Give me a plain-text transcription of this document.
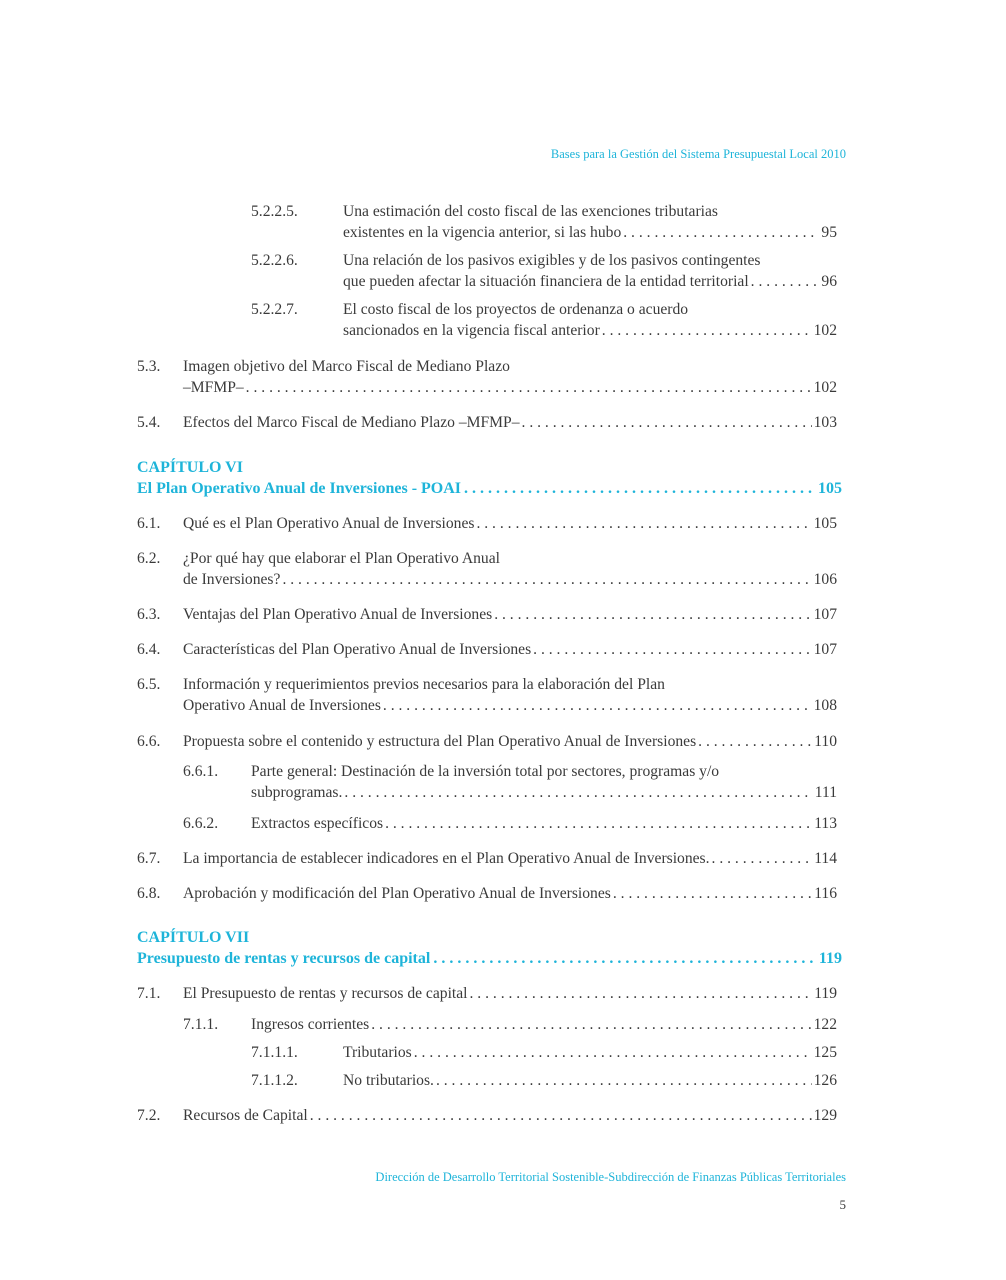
Bases para la Gestión del Sistema Presupuestal Local 2010
5.2.2.5.	Una estimación del costo fiscal de las exenciones tributarias
existentes en la vigencia anterior, si las hubo . . .	95
5.2.2.6.	Una relación de los pasivos exigibles y de los pasivos contingentes
que pueden afectar la situación financiera de la entidad territorial . . .	96
5.2.2.7.	El costo fiscal de los proyectos de ordenanza o acuerdo
sancionados en la vigencia fiscal anterior . . .	102
5.3. Imagen objetivo del Marco Fiscal de Mediano Plazo
–MFMP– . . .	102
5.4. Efectos del Marco Fiscal de Mediano Plazo –MFMP– . . .	103
CAPÍTULO VI
El Plan Operativo Anual de Inversiones - POAI . . .	105
6.1. Qué es el Plan Operativo Anual de Inversiones . . .	105
6.2. ¿Por qué hay que elaborar el Plan Operativo Anual
de Inversiones? . . .	106
6.3. Ventajas del Plan Operativo Anual de Inversiones . . .	107
6.4. Características del Plan Operativo Anual de Inversiones . . .	107
6.5. Información y requerimientos previos necesarios para la elaboración del Plan
Operativo Anual de Inversiones . . .	108
6.6. Propuesta sobre el contenido y estructura del Plan Operativo Anual de Inversiones . . .	110
6.6.1. Parte general: Destinación de la inversión total por sectores, programas y/o
subprogramas. . . .	111
6.6.2. Extractos específicos . . .	113
6.7. La importancia de establecer indicadores en el Plan Operativo Anual de Inversiones. . . .	114
6.8. Aprobación y modificación del Plan Operativo Anual de Inversiones . . .	116
CAPÍTULO VII
Presupuesto de rentas y recursos de capital . . .	119
7.1. El Presupuesto de rentas y recursos de capital . . .	119
7.1.1. Ingresos corrientes . . .	122
7.1.1.1.	Tributarios . . .	125
7.1.1.2.	No tributarios. . . .	126
7.2. Recursos de Capital . . .	129
Dirección de Desarrollo Territorial Sostenible-Subdirección de Finanzas Públicas Territoriales
5
